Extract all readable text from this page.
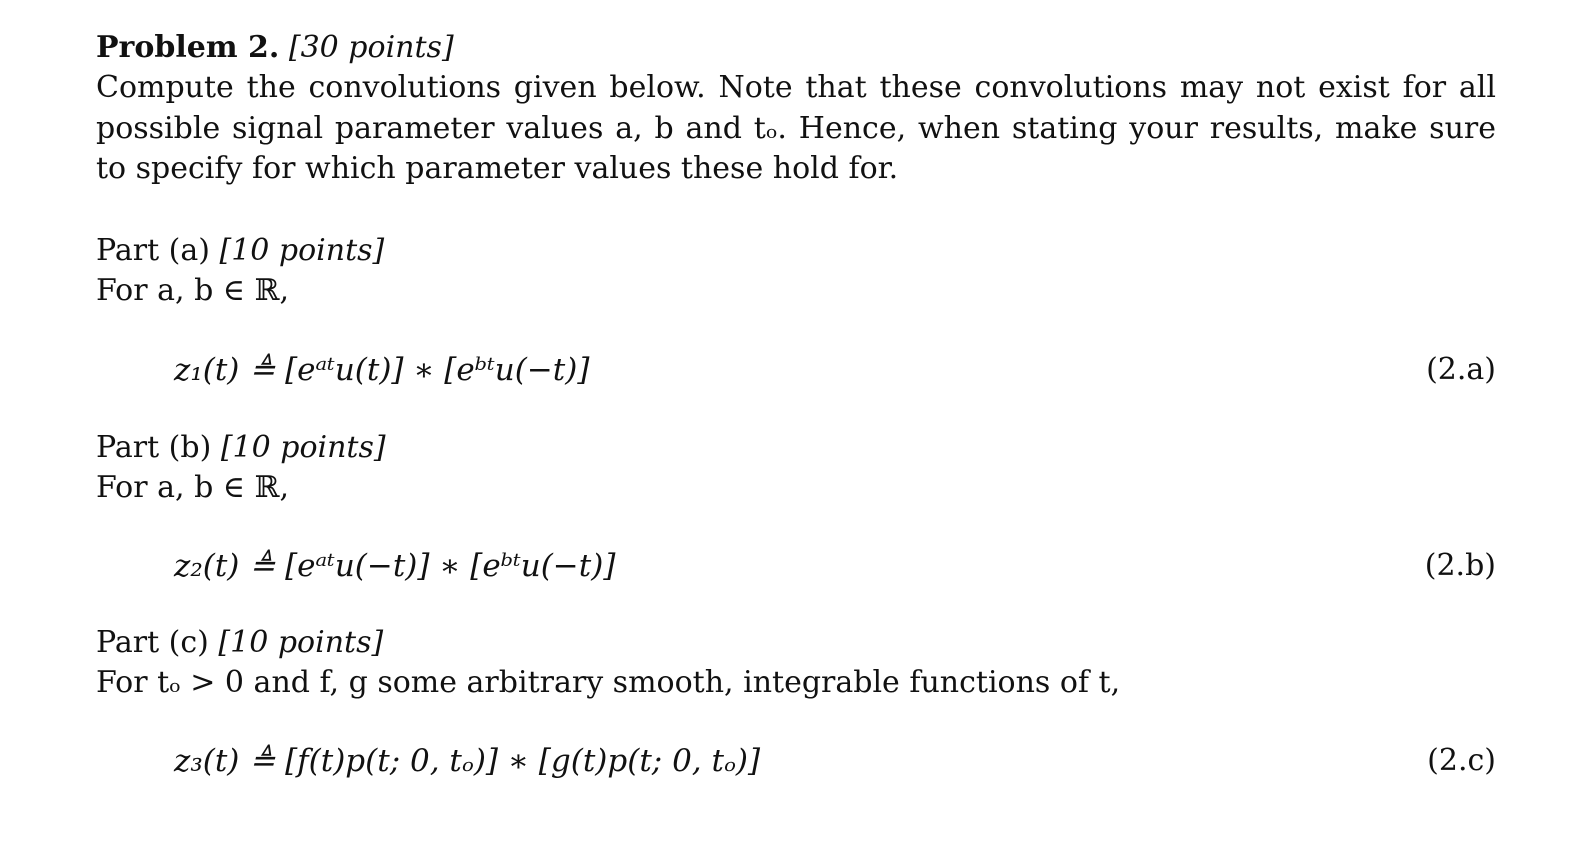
Problem 2. [30 points]
Compute the convolutions given below. Note that these convolutions may not exist for all possible signal parameter values a, b and tₒ. Hence, when stating your results, make sure to specify for which parameter values these hold for.
Part (a) [10 points]
For a, b ∈ ℝ,
z₁(t) ≜ [eᵃᵗu(t)] ∗ [eᵇᵗu(−t)]	(2.a)
Part (b) [10 points]
For a, b ∈ ℝ,
z₂(t) ≜ [eᵃᵗu(−t)] ∗ [eᵇᵗu(−t)]	(2.b)
Part (c) [10 points]
For tₒ > 0 and f, g some arbitrary smooth, integrable functions of t,
z₃(t) ≜ [f(t)p(t; 0, tₒ)] ∗ [g(t)p(t; 0, tₒ)]	(2.c)
